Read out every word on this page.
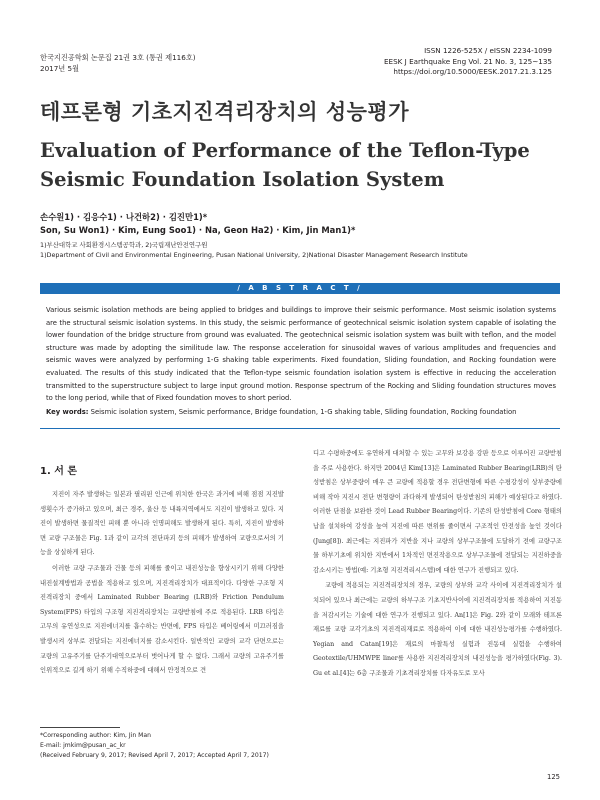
한국지진공학회 논문집 21권 3호 (통권 제116호)
2017년 5월
ISSN 1226-525X / eISSN 2234-1099
EESK J Earthquake Eng Vol. 21 No. 3, 125~135
https://doi.org/10.5000/EESK.2017.21.3.125
테프론형 기초지진격리장치의 성능평가
Evaluation of Performance of the Teflon-Type Seismic Foundation Isolation System
손수원1) · 김응수1) · 나건하2) · 김진만1)*
Son, Su Won1) · Kim, Eung Soo1) · Na, Geon Ha2) · Kim, Jin Man1)*
1)부산대학교 사회환경시스템공학과, 2)국립재난안전연구원
1)Department of Civil and Environmental Engineering, Pusan National University, 2)National Disaster Management Research Institute
/ A B S T R A C T /

Various seismic isolation methods are being applied to bridges and buildings to improve their seismic performance. Most seismic isolation systems are the structural seismic isolation systems. In this study, the seismic performance of geotechnical seismic isolation system capable of isolating the lower foundation of the bridge structure from ground was evaluated. The geotechnical seismic isolation system was built with teflon, and the model structure was made by adopting the similitude law. The response acceleration for sinusoidal waves of various amplitudes and frequencies and seismic waves were analyzed by performing 1-G shaking table experiments. Fixed foundation, Sliding foundation, and Rocking foundation were evaluated. The results of this study indicated that the Teflon-type seismic foundation isolation system is effective in reducing the acceleration transmitted to the superstructure subject to large input ground motion. Response spectrum of the Rocking and Sliding foundation structures moves to the long period, while that of Fixed foundation moves to short period.

Key words: Seismic isolation system, Seismic performance, Bridge foundation, 1-G shaking table, Sliding foundation, Rocking foundation
1. 서 론

지진이 자주 발생하는 일본과 필리핀 인근에 위치한 한국은 과거에 비해 점점 지진발생횟수가 증가하고 있으며, 최근 경주, 울산 등 내륙지역에서도 지진이 발생하고 있다. 지진이 발생하면 물질적인 피해 뿐 아니라 인명피해도 발생하게 된다. 특히, 지진이 발생하면 교량 구조물은 Fig. 1과 같이 교각의 전단파괴 등의 피해가 발생하여 교량으로서의 기능을 상실하게 된다.

이러한 교량 구조물과 건물 등의 피해를 줄이고 내진성능을 향상시키기 위해 다양한 내진설계방법과 공법을 적용하고 있으며, 지진격리장치가 대표적이다. 다양한 구조형 지진격리장치 중에서 Laminated Rubber Bearing (LRB)와 Friction Pendulum System(FPS) 타입의 구조형 지진격리장치는 교량받침에 주로 적용된다. LRB 타입은 고무의 유연성으로 지진에너지를 흡수하는 반면에, FPS 타입은 베어링에서 미끄러짐을 발생시켜 상부로 전달되는 지진에너지를 감소시킨다. 일반적인 교량의 교각 단면으로는 교량의 고유주기를 단주기대역으로부터 벗어나게 할 수 없다. 그래서 교량의 고유주기를 인위적으로 길게 하기 위해 수직하중에 대해서 안정적으로 견

디고 수평하중에도 유연하게 대처할 수 있는 고무와 보강용 강판 등으로 이루어진 교량받침을 주로 사용한다. 하지만 2004년 Kim[13]은 Laminated Rubber Bearing(LRB)의 탄성받침은 상부중량이 매우 큰 교량에 적용할 경우 전단변형에 따른 수평강성이 상부중량에 비해 작아 지진시 전단 변형량이 과다하게 발생되어 탄성받침의 피해가 예상된다고 하였다. 이러한 단점을 보완한 것이 Lead Rubber Bearing이다. 기존의 탄성받침에 Core 형태의 납을 설치하여 강성을 높여 지진에 따른 변위를 줄이면서 구조적인 안전성을 높인 것이다(Jung[8]). 최근에는 지진파가 지반을 지나 교량의 상부구조물에 도달하기 전에 교량구조물 하부기초에 위치한 지반에서 1차적인 면진작용으로 상부구조물에 전달되는 지진하중을 감소시키는 방법(예: 기초형 지진격리시스템)에 대한 연구가 진행되고 있다.

교량에 적용되는 지진격리장치의 경우, 교량의 상부와 교각 사이에 지진격리장치가 설치되어 있으나 최근에는 교량의 하부구조 기초지반사이에 지진격리장치를 적용하여 지진동을 저감시키는 기술에 대한 연구가 진행되고 있다. An[1]은 Fig. 2와 같이 모래와 테프론 재료를 교량 교각기초의 지진격리재료로 적용하여 이에 대한 내진성능평가를 수행하였다. Yegian and Catan[19]은 재료의 마찰특성 실험과 진동대 실험을 수행하여 Geotextile/UHMWPE liner를 사용한 지진격리장치의 내진성능을 평가하였다(Fig. 3). Gu et al.[4]는 6층 구조물과 기초격리장치를 다자유도로 모사

*Corresponding author: Kim, Jin Man
E-mail: jmkim@pusan_ac_kr
(Received February 9, 2017; Revised April 7, 2017; Accepted April 7, 2017)
125
